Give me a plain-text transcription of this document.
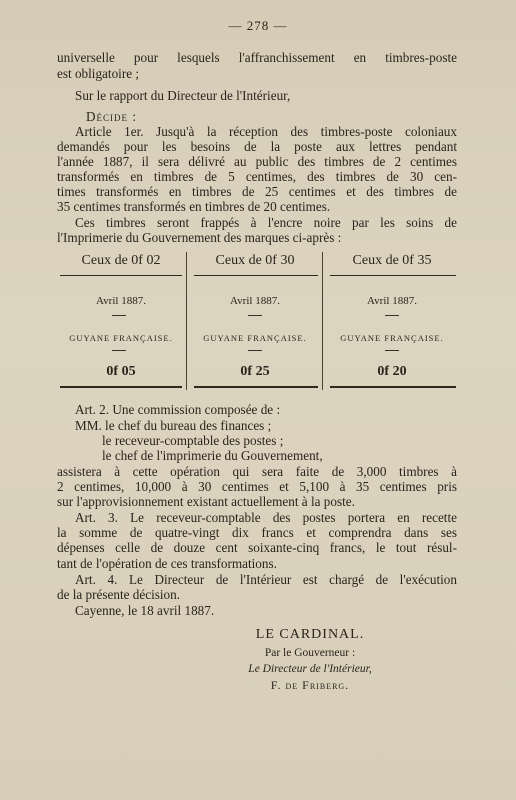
— 278 —
universelle pour lesquels l'affranchissement en timbres-poste
est obligatoire ;
Sur le rapport du Directeur de l'Intérieur,
Décide :
Article 1er. Jusqu'à la réception des timbres-poste coloniaux
demandés pour les besoins de la poste aux lettres pendant
l'année 1887, il sera délivré au public des timbres de 2 centimes
transformés en timbres de 5 centimes, des timbres de 30 cen-
times transformés en timbres de 25 centimes et des timbres de
35 centimes transformés en timbres de 20 centimes.
Ces timbres seront frappés à l'encre noire par les soins de
l'Imprimerie du Gouvernement des marques ci-après :
Ceux de 0f 02
Avril 1887.
GUYANE FRANÇAISE.
0f 05
Ceux de 0f 30
Avril 1887.
GUYANE FRANÇAISE.
0f 25
Ceux de 0f 35
Avril 1887.
GUYANE FRANÇAISE.
0f 20
Art. 2. Une commission composée de :
MM. le chef du bureau des finances ;
le receveur-comptable des postes ;
le chef de l'imprimerie du Gouvernement,
assistera à cette opération qui sera faite de 3,000 timbres à
2 centimes, 10,000 à 30 centimes et 5,100 à 35 centimes pris
sur l'approvisionnement existant actuellement à la poste.
Art. 3. Le receveur-comptable des postes portera en recette
la somme de quatre-vingt dix francs et comprendra dans ses
dépenses celle de douze cent soixante-cinq francs, le tout résul-
tant de l'opération de ces transformations.
Art. 4. Le Directeur de l'Intérieur est chargé de l'exécution
de la présente décision.
Cayenne, le 18 avril 1887.
LE CARDINAL.
Par le Gouverneur :
Le Directeur de l'Intérieur,
F. de Friberg.
